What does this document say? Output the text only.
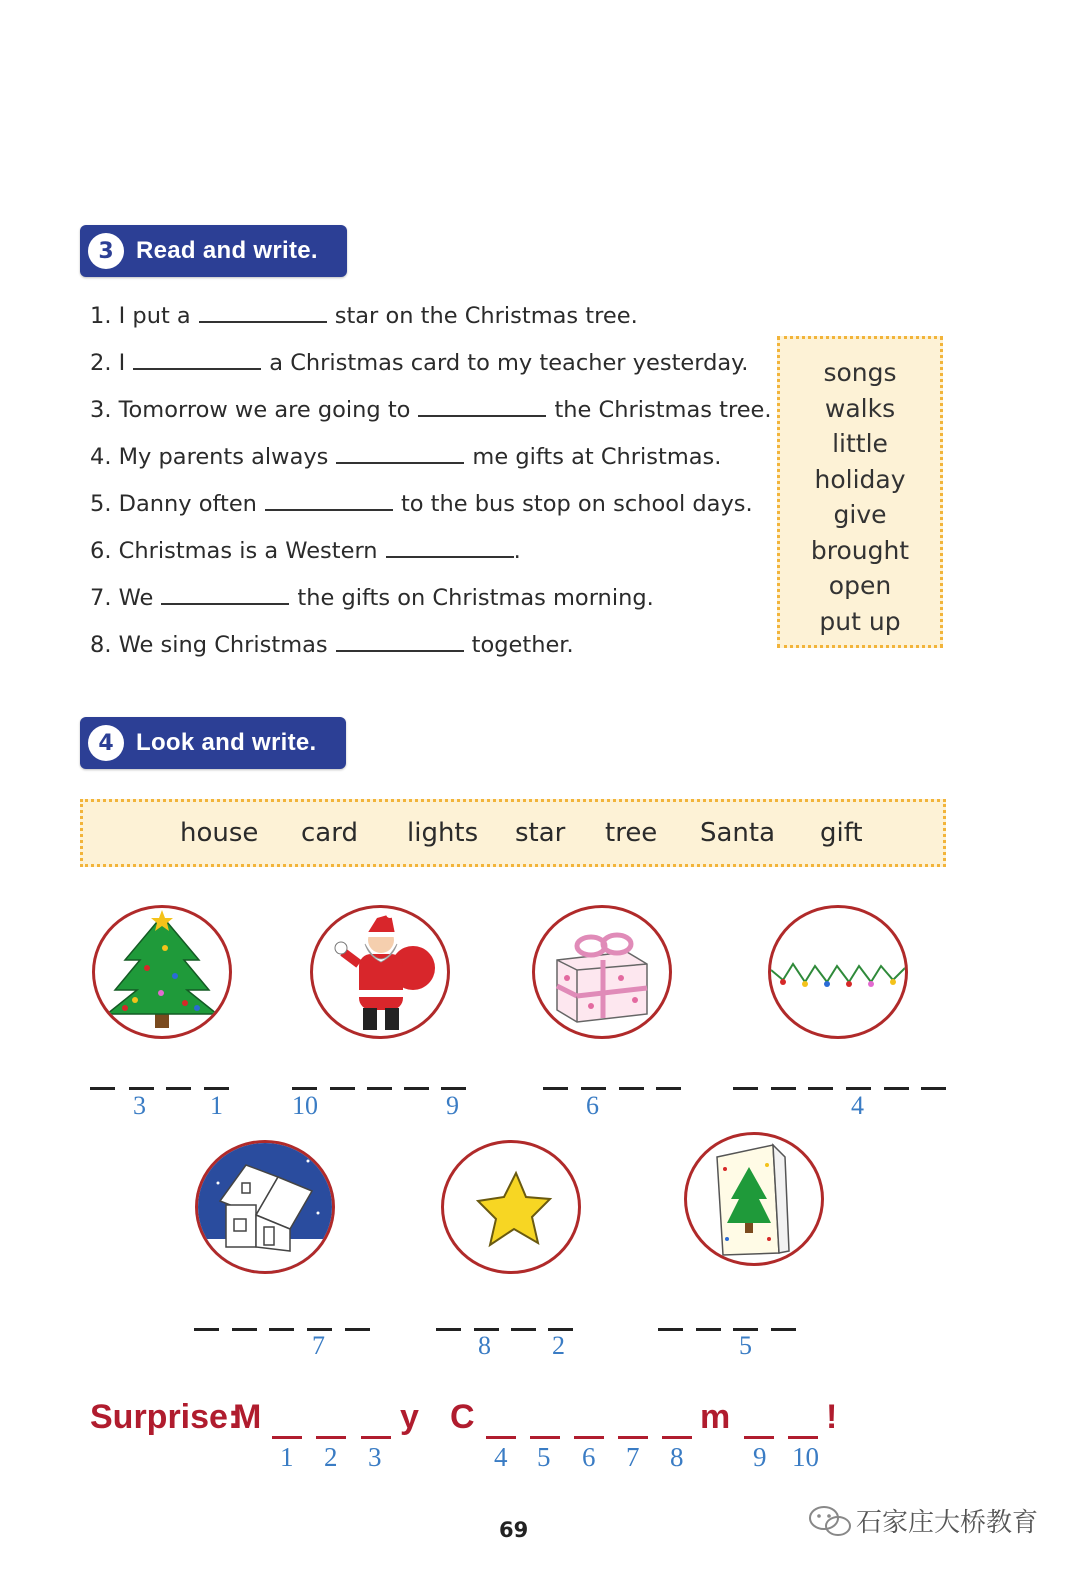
3 Read and write.
1. I put a	star on the Christmas tree.
2. I	a Christmas card to my teacher yesterday.
3. Tomorrow we are going to	the Christmas tree.
4. My parents always	me gifts at Christmas.
5. Danny often	to the bus stop on school days.
6. Christmas is a Western	.
7. We	the gifts on Christmas morning.
8. We sing Christmas	together.
songs
walks
little
holiday
give
brought
open
put up
4 Look and write.
house card lights star tree Santa gift
3 1	10	9	6	4
7	8 2	5
Surprise:
M	y C	m	!
1 2 3	4 5 6 7 8	9 10
69	石家庄大桥教育
